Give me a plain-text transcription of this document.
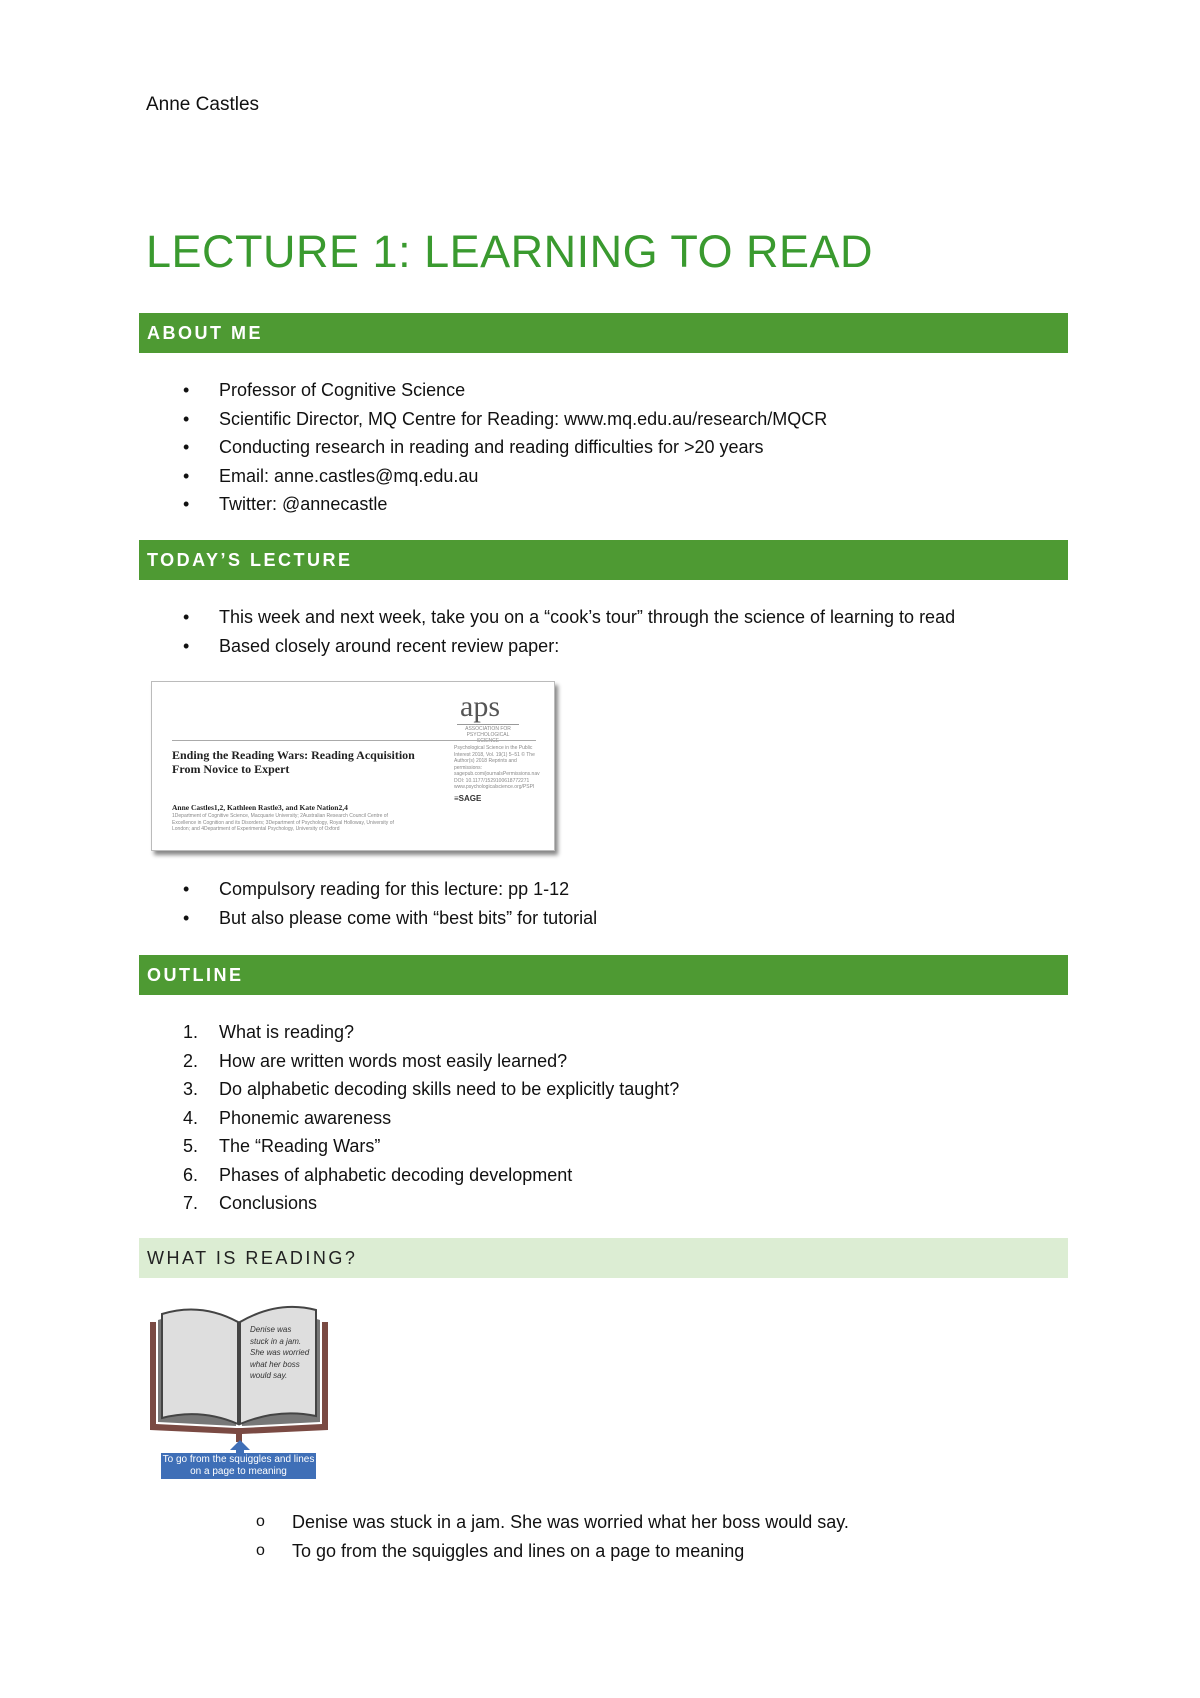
Anne Castles
LECTURE 1: LEARNING TO READ
ABOUT ME
• Professor of Cognitive Science
• Scientific Director, MQ Centre for Reading: www.mq.edu.au/research/MQCR
• Conducting research in reading and reading difficulties for >20 years
• Email: anne.castles@mq.edu.au
• Twitter: @annecastle
TODAY’S LECTURE
• This week and next week, take you on a “cook’s tour” through the science of learning to read
• Based closely around recent review paper:
aps
ASSOCIATION FOR PSYCHOLOGICAL SCIENCE
Ending the Reading Wars: Reading Acquisition From Novice to Expert
Psychological Science in the Public Interest 2018, Vol. 19(1) 5–51 © The Author(s) 2018 Reprints and permissions: sagepub.com/journalsPermissions.nav DOI: 10.1177/1529100618772271 www.psychologicalscience.org/PSPI
≡SAGE
Anne Castles1,2, Kathleen Rastle3, and Kate Nation2,4
1Department of Cognitive Science, Macquarie University; 2Australian Research Council Centre of Excellence in Cognition and its Disorders; 3Department of Psychology, Royal Holloway, University of London; and 4Department of Experimental Psychology, University of Oxford
• Compulsory reading for this lecture: pp 1-12
• But also please come with “best bits” for tutorial
OUTLINE
1. What is reading?
2. How are written words most easily learned?
3. Do alphabetic decoding skills need to be explicitly taught?
4. Phonemic awareness
5. The “Reading Wars”
6. Phases of alphabetic decoding development
7. Conclusions
WHAT IS READING?
Denise was stuck in a jam. She was worried what her boss would say.
To go from the squiggles and lines on a page to meaning
o Denise was stuck in a jam. She was worried what her boss would say.
o To go from the squiggles and lines on a page to meaning
